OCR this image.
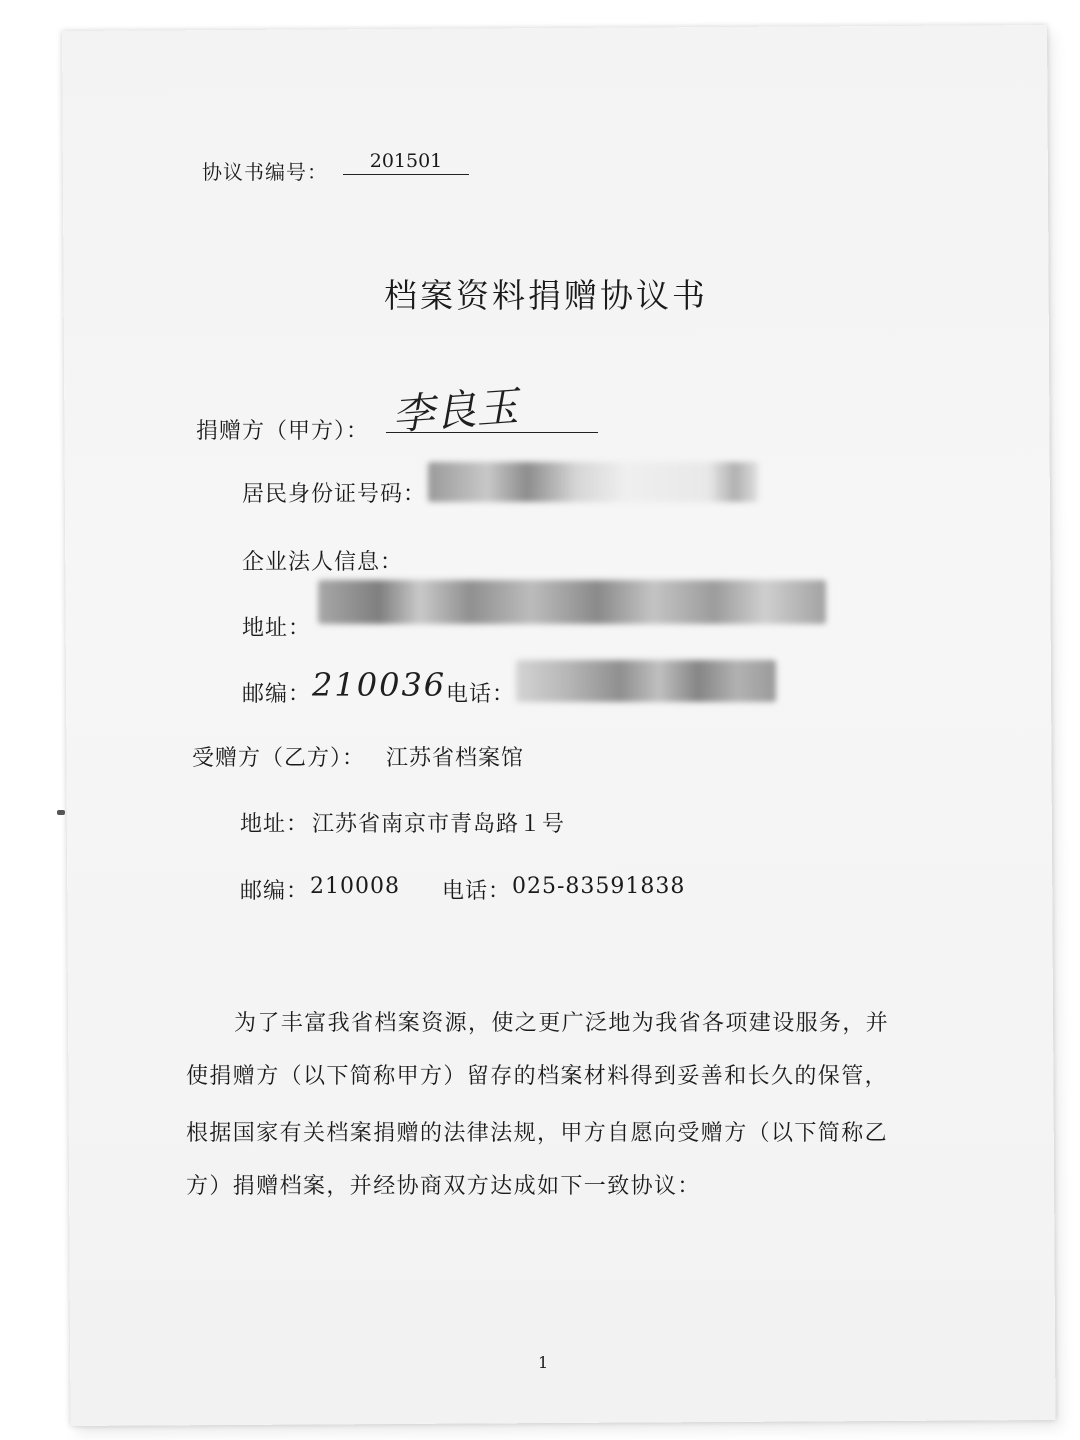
协议书编号：	201501
档案资料捐赠协议书
捐赠方（甲方）： 李良玉
居民身份证号码：
企业法人信息：
地址：
邮编： 210036 电话：
受赠方（乙方）： 江苏省档案馆
地址： 江苏省南京市青岛路１号
邮编： 210008 电话： 025-83591838
为了丰富我省档案资源，使之更广泛地为我省各项建设服务，并
使捐赠方（以下简称甲方）留存的档案材料得到妥善和长久的保管，
根据国家有关档案捐赠的法律法规，甲方自愿向受赠方（以下简称乙
方）捐赠档案，并经协商双方达成如下一致协议：
1
